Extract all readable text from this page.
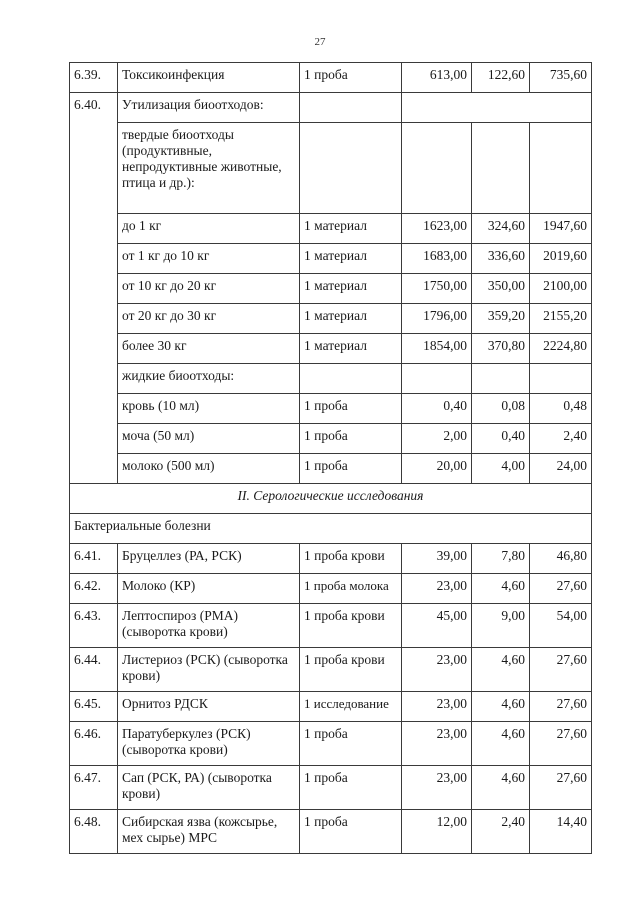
27
6.39.	Токсикоинфекция	1 проба	613,00	122,60	735,60
6.40.	Утилизация биоотходов:				
	твердые биоотходы (продуктивные, непродуктивные животные, птица и др.):				
	до 1 кг	1 материал	1623,00	324,60	1947,60
	от 1 кг до 10 кг	1 материал	1683,00	336,60	2019,60
	от 10 кг до 20 кг	1 материал	1750,00	350,00	2100,00
	от 20 кг до 30 кг	1 материал	1796,00	359,20	2155,20
	более 30 кг	1 материал	1854,00	370,80	2224,80
	жидкие биоотходы:				
	кровь (10 мл)	1 проба	0,40	0,08	0,48
	моча (50 мл)	1 проба	2,00	0,40	2,40
	молоко (500 мл)	1 проба	20,00	4,00	24,00
II. Серологические исследования					
Бактериальные болезни					
6.41.	Бруцеллез (РА, РСК)	1 проба крови	39,00	7,80	46,80
6.42.	Молоко (КР)	1 проба молока	23,00	4,60	27,60
6.43.	Лептоспироз (РМА) (сыворотка крови)	1 проба крови	45,00	9,00	54,00
6.44.	Листериоз (РСК) (сыворотка крови)	1 проба крови	23,00	4,60	27,60
6.45.	Орнитоз РДСК	1 исследование	23,00	4,60	27,60
6.46.	Паратуберкулез (РСК) (сыворотка крови)	1 проба	23,00	4,60	27,60
6.47.	Сап (РСК, РА) (сыворотка крови)	1 проба	23,00	4,60	27,60
6.48.	Сибирская язва (кожсырье, мех сырье) МРС	1 проба	12,00	2,40	14,40
